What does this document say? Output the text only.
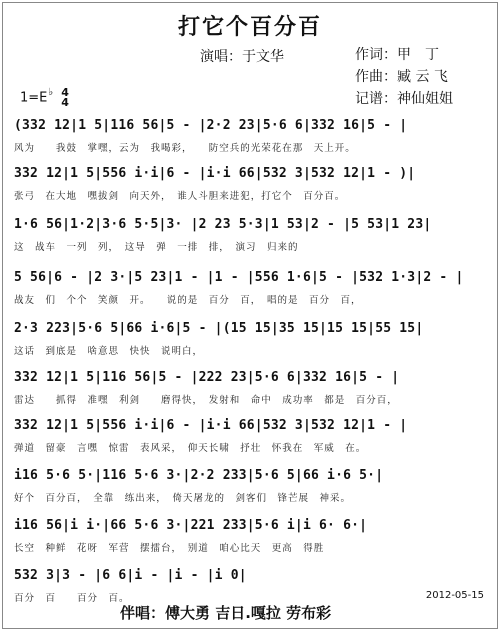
打它个百分百
演唱：于文华	作词：甲　丁
作曲：臧 云 飞
记谱：神仙姐姐
1=E♭ 4
4
(332 12|1 5|116 56|5 - |2·2 23|5·6 6|332 16|5 - |
风为　　我鼓　掌嘿，云为　我喝彩，　　防空兵的光荣花在那　天上开。
332 12|1 5|556 i·i|6 - |i·i 66|532 3|532 12|1 - )|
张弓　在大地　嘿拔剑　向天外，　谁人斗胆来进犯，打它个　百分百。
1·6 56|1·2|3·6 5·5|3· |2 23 5·3|1 53|2 - |5 53|1 23|
这　战车　一列　列，　这导　弹　一排　排，　演习　归来的
5 56|6 - |2 3·|5 23|1 - |1 - |556 1·6|5 - |532 1·3|2 - |
战友　们　个个　笑颜　开。　　说的是　百分　百，　唱的是　百分　百，
2·3 223|5·6 5|66 i·6|5 - |(15 15|35 15|15 15|55 15|
这话　到底是　啥意思　快快　说明白，
332 12|1 5|116 56|5 - |222 23|5·6 6|332 16|5 - |
雷达　　抓得　准嘿　利剑　　磨得快，　发射和　命中　成功率　都是　百分百，
332 12|1 5|556 i·i|6 - |i·i 66|532 3|532 12|1 - |
弹道　留豪　言嘿　惊雷　表风采，　仰天长啸　抒壮　怀我在　军威　在。
i16 5·6 5·|116 5·6 3·|2·2 233|5·6 5|66 i·6 5·|
好个　百分百，　全靠　练出来，　倚天屠龙的　剑客们　锋芒展　神采。
i16 56|i i·|66 5·6 3·|221 233|5·6 i|i 6· 6·|
长空　种鲜　花呀　军营　摆擂台，　别道　咱心比天　更高　得胜
532 3|3 - |6 6|i - |i - |i 0|
百分　百　　百分　百。	2012-05-15
伴唱：傅大勇 吉日.嘎拉 劳布彩
